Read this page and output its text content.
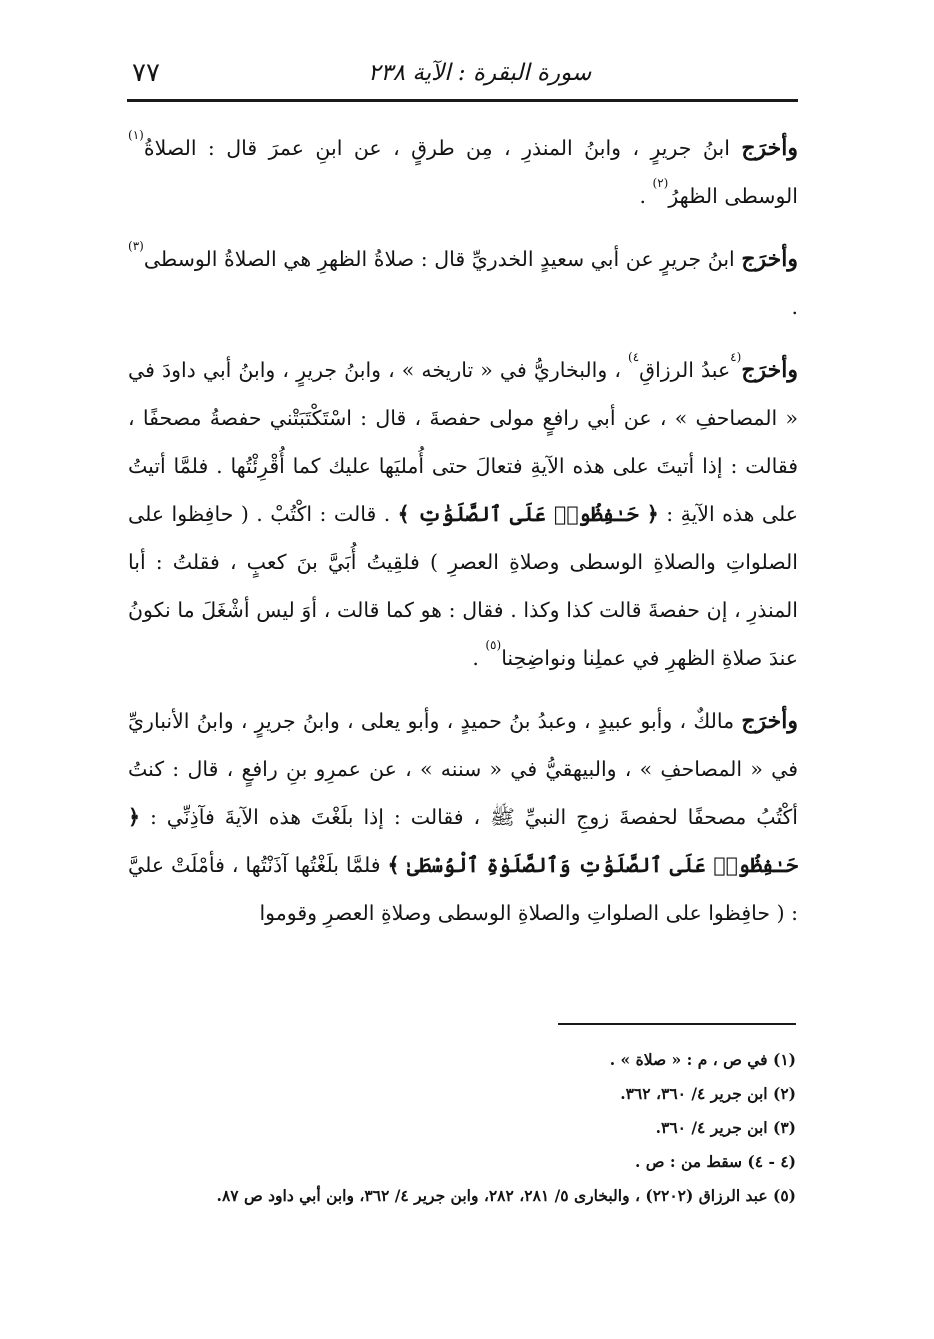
٧٧	سورة البقرة : الآية ٢٣٨

وأخرَج ابنُ جريرٍ ، وابنُ المنذرِ ، مِن طرقٍ ، عن ابنِ عمرَ قال : الصلاةُ$^{(١)}$ الوسطى الظهرُ$^{(٢)}$ .

وأخرَج ابنُ جريرٍ عن أبي سعيدٍ الخدريِّ قال : صلاةُ الظهرِ هي الصلاةُ الوسطى$^{(٣)}$ .

وأخرَج$^{(٤}$عبدُ الرزاقِ$^{٤)}$ ، والبخاريُّ في « تاريخه » ، وابنُ جريرٍ ، وابنُ أبي داودَ في « المصاحفِ » ، عن أبي رافعٍ مولى حفصةَ ، قال : اسْتَكْتَبَتْني حفصةُ مصحفًا ، فقالت : إذا أتيتَ على هذه الآيةِ فتعالَ حتى أُمليَها عليك كما أُقْرِئْتُها . فلمَّا أتيتُ على هذه الآيةِ : ﴿ حَـٰفِظُوا۟ عَلَى ٱلصَّلَوَٰتِ ﴾ . قالت : اكْتُبْ . ( حافِظوا على الصلواتِ والصلاةِ الوسطى وصلاةِ العصرِ ) فلقِيتُ أُبَيَّ بنَ كعبٍ ، فقلتُ : أبا المنذرِ ، إن حفصةَ قالت كذا وكذا . فقال : هو كما قالت ، أوَ ليس أشْغَلَ ما نكونُ عندَ صلاةِ الظهرِ في عملِنا ونواضِحِنا$^{(٥)}$ .

وأخرَج مالكٌ ، وأبو عبيدٍ ، وعبدُ بنُ حميدٍ ، وأبو يعلى ، وابنُ جريرٍ ، وابنُ الأنباريِّ في « المصاحفِ » ، والبيهقيُّ في « سننه » ، عن عمرِو بنِ رافعٍ ، قال : كنتُ أكْتُبُ مصحفًا لحفصةَ زوجِ النبيِّ ﷺ ، فقالت : إذا بلَغْتَ هذه الآيةَ فآذِنِّي : ﴿ حَـٰفِظُوا۟ عَلَى ٱلصَّلَوَٰتِ وَٱلصَّلَوٰةِ ٱلْوُسْطَىٰ ﴾ فلمَّا بلَغْتُها آذَنْتُها ، فأمْلَتْ عليَّ : ( حافِظوا على الصلواتِ والصلاةِ الوسطى وصلاةِ العصرِ وقوموا

(١) في ص ، م : « صلاة » .
(٢) ابن جرير ٤/ ٣٦٠، ٣٦٢.
(٣) ابن جرير ٤/ ٣٦٠.
(٤ - ٤) سقط من : ص .
(٥) عبد الرزاق (٢٢٠٢) ، والبخارى ٥/ ٢٨١، ٢٨٢، وابن جرير ٤/ ٣٦٢، وابن أبي داود ص ٨٧.
